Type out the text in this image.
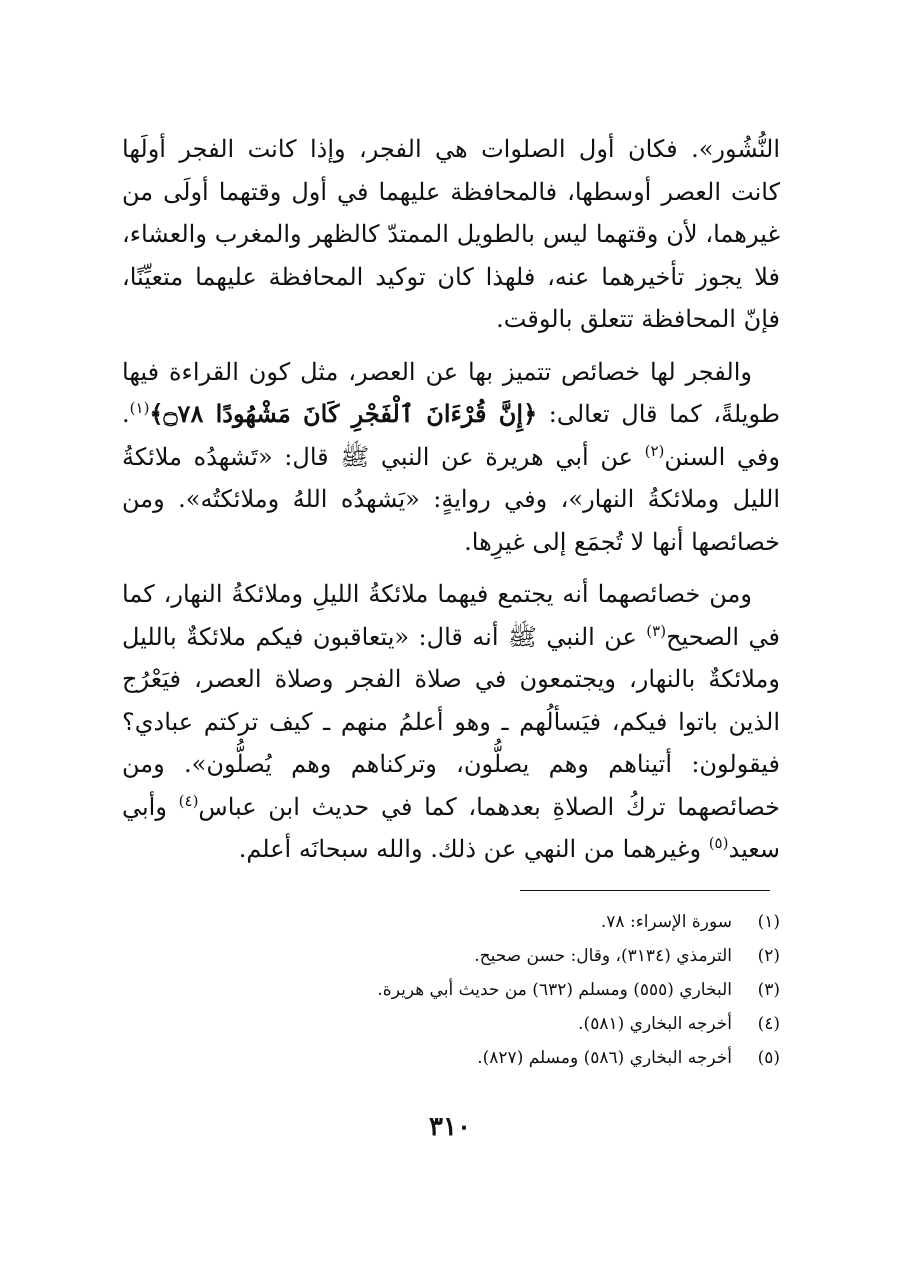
النُّشُور». فكان أول الصلوات هي الفجر، وإذا كانت الفجر أولَها كانت العصر أوسطها، فالمحافظة عليهما في أول وقتهما أولَى من غيرهما، لأن وقتهما ليس بالطويل الممتدّ كالظهر والمغرب والعشاء، فلا يجوز تأخيرهما عنه، فلهذا كان توكيد المحافظة عليهما متعيِّنًا، فإنّ المحافظة تتعلق بالوقت.

والفجر لها خصائص تتميز بها عن العصر، مثل كون القراءة فيها طويلةً، كما قال تعالى: ﴿إِنَّ قُرْءَانَ ٱلْفَجْرِ كَانَ مَشْهُودًا ۝٧٨﴾$^{(١)}$. وفي السنن$^{(٢)}$ عن أبي هريرة عن النبي ﷺ قال: «تَشهدُه ملائكةُ الليل وملائكةُ النهار»، وفي روايةٍ: «يَشهدُه اللهُ وملائكتُه». ومن خصائصها أنها لا تُجمَع إلى غيرِها.

ومن خصائصهما أنه يجتمع فيهما ملائكةُ الليلِ وملائكةُ النهار، كما في الصحيح$^{(٣)}$ عن النبي ﷺ أنه قال: «يتعاقبون فيكم ملائكةٌ بالليل وملائكةٌ بالنهار، ويجتمعون في صلاة الفجر وصلاة العصر، فيَعْرُج الذين باتوا فيكم، فيَسألُهم ـ وهو أعلمُ منهم ـ كيف تركتم عبادي؟ فيقولون: أتيناهم وهم يصلُّون، وتركناهم وهم يُصلُّون». ومن خصائصهما تركُ الصلاةِ بعدهما، كما في حديث ابن عباس$^{(٤)}$ وأبي سعيد$^{(٥)}$ وغيرهما من النهي عن ذلك. والله سبحانَه أعلم.

(١)سورة الإسراء: ٧٨.
(٢)الترمذي (٣١٣٤)، وقال: حسن صحيح.
(٣)البخاري (٥٥٥) ومسلم (٦٣٢) من حديث أبي هريرة.
(٤)أخرجه البخاري (٥٨١).
(٥)أخرجه البخاري (٥٨٦) ومسلم (٨٢٧).
٣١٠
